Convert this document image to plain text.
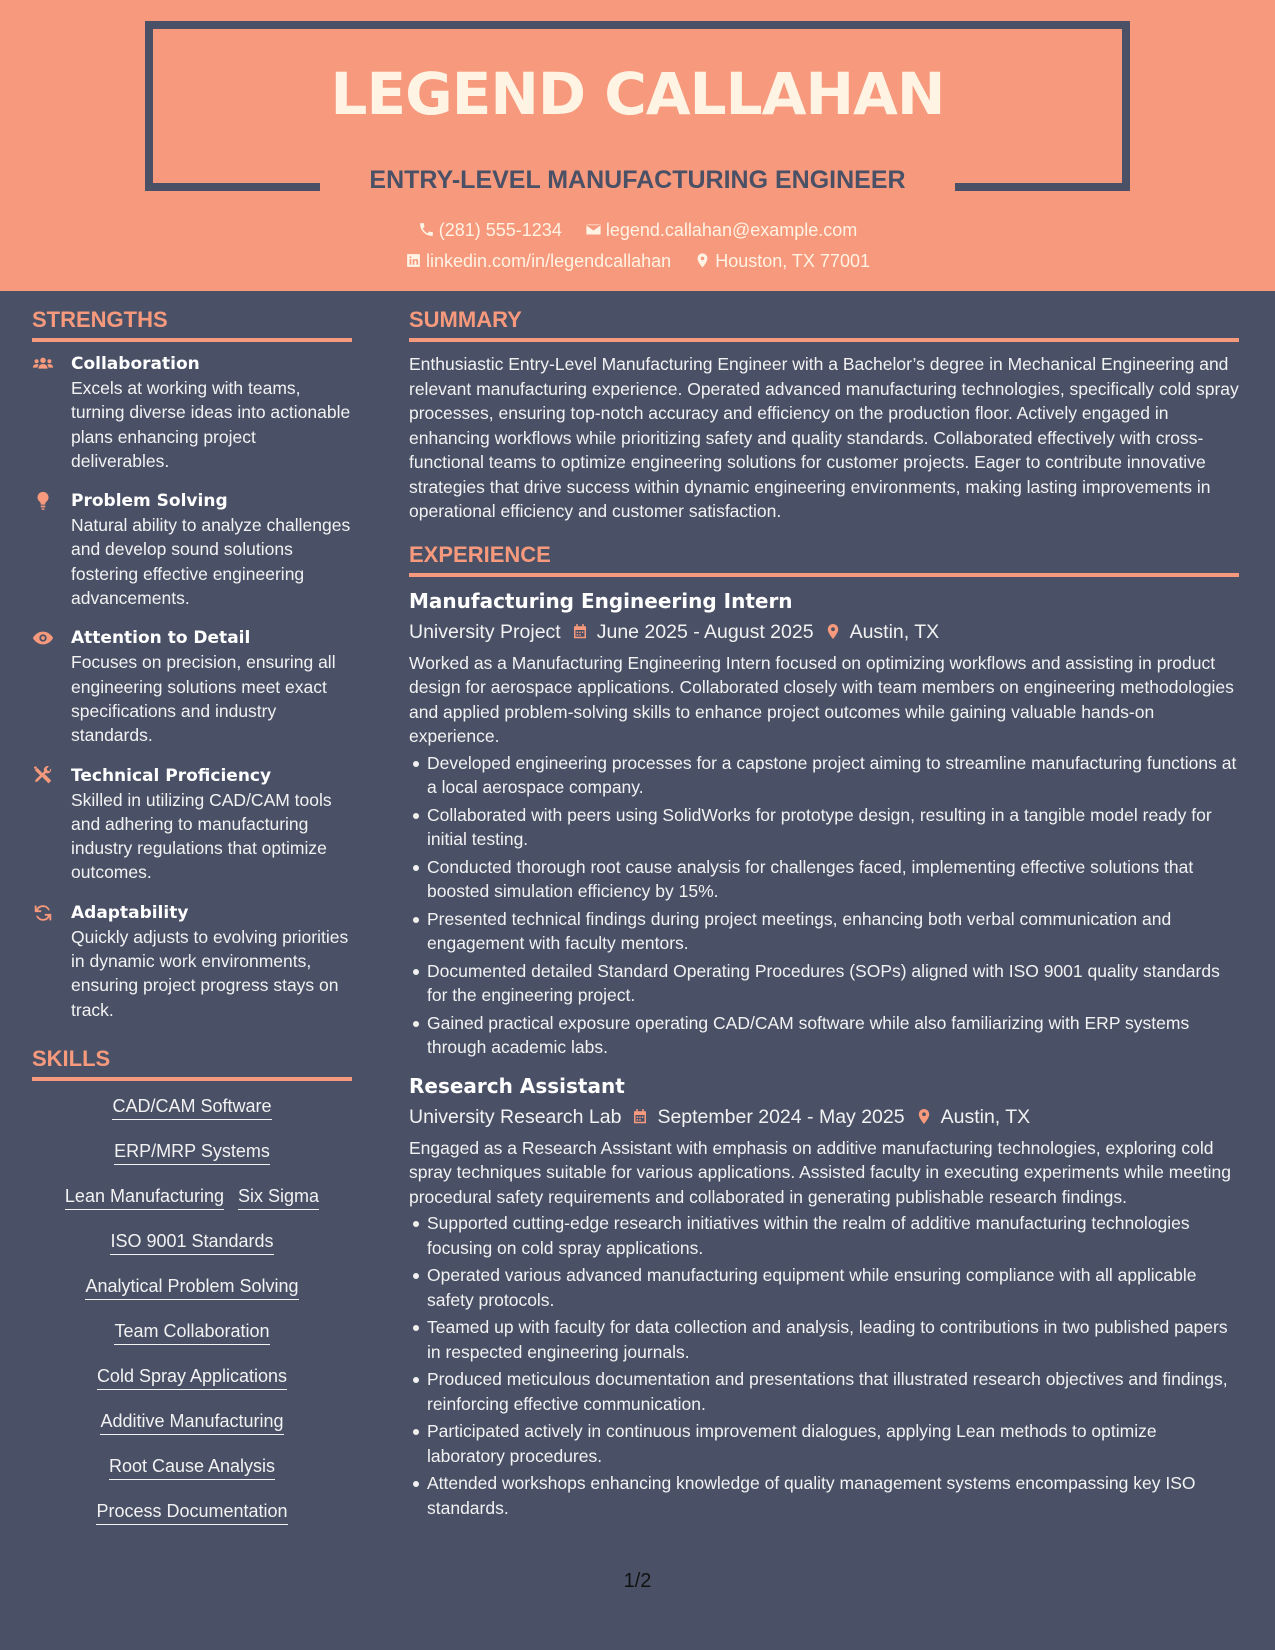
LEGEND CALLAHAN
ENTRY-LEVEL MANUFACTURING ENGINEER
(281) 555-1234 legend.callahan@example.com
linkedin.com/in/legendcallahan Houston, TX 77001
STRENGTHS
Collaboration
Excels at working with teams, turning diverse ideas into actionable plans enhancing project deliverables.
Problem Solving
Natural ability to analyze challenges and develop sound solutions fostering effective engineering advancements.
Attention to Detail
Focuses on precision, ensuring all engineering solutions meet exact specifications and industry standards.
Technical Proficiency
Skilled in utilizing CAD/CAM tools and adhering to manufacturing industry regulations that optimize outcomes.
Adaptability
Quickly adjusts to evolving priorities in dynamic work environments, ensuring project progress stays on track.
SKILLS
CAD/CAM Software
ERP/MRP Systems
Lean Manufacturing Six Sigma
ISO 9001 Standards
Analytical Problem Solving
Team Collaboration
Cold Spray Applications
Additive Manufacturing
Root Cause Analysis
Process Documentation
SUMMARY
Enthusiastic Entry-Level Manufacturing Engineer with a Bachelor’s degree in Mechanical Engineering and relevant manufacturing experience. Operated advanced manufacturing technologies, specifically cold spray processes, ensuring top-notch accuracy and efficiency on the production floor. Actively engaged in enhancing workflows while prioritizing safety and quality standards. Collaborated effectively with cross-functional teams to optimize engineering solutions for customer projects. Eager to contribute innovative strategies that drive success within dynamic engineering environments, making lasting improvements in operational efficiency and customer satisfaction.
EXPERIENCE
Manufacturing Engineering Intern
University Project June 2025 - August 2025 Austin, TX
Worked as a Manufacturing Engineering Intern focused on optimizing workflows and assisting in product design for aerospace applications. Collaborated closely with team members on engineering methodologies and applied problem-solving skills to enhance project outcomes while gaining valuable hands-on experience.
Developed engineering processes for a capstone project aiming to streamline manufacturing functions at a local aerospace company.
Collaborated with peers using SolidWorks for prototype design, resulting in a tangible model ready for initial testing.
Conducted thorough root cause analysis for challenges faced, implementing effective solutions that boosted simulation efficiency by 15%.
Presented technical findings during project meetings, enhancing both verbal communication and engagement with faculty mentors.
Documented detailed Standard Operating Procedures (SOPs) aligned with ISO 9001 quality standards for the engineering project.
Gained practical exposure operating CAD/CAM software while also familiarizing with ERP systems through academic labs.
Research Assistant
University Research Lab September 2024 - May 2025 Austin, TX
Engaged as a Research Assistant with emphasis on additive manufacturing technologies, exploring cold spray techniques suitable for various applications. Assisted faculty in executing experiments while meeting procedural safety requirements and collaborated in generating publishable research findings.
Supported cutting-edge research initiatives within the realm of additive manufacturing technologies focusing on cold spray applications.
Operated various advanced manufacturing equipment while ensuring compliance with all applicable safety protocols.
Teamed up with faculty for data collection and analysis, leading to contributions in two published papers in respected engineering journals.
Produced meticulous documentation and presentations that illustrated research objectives and findings, reinforcing effective communication.
Participated actively in continuous improvement dialogues, applying Lean methods to optimize laboratory procedures.
Attended workshops enhancing knowledge of quality management systems encompassing key ISO standards.
1/2
